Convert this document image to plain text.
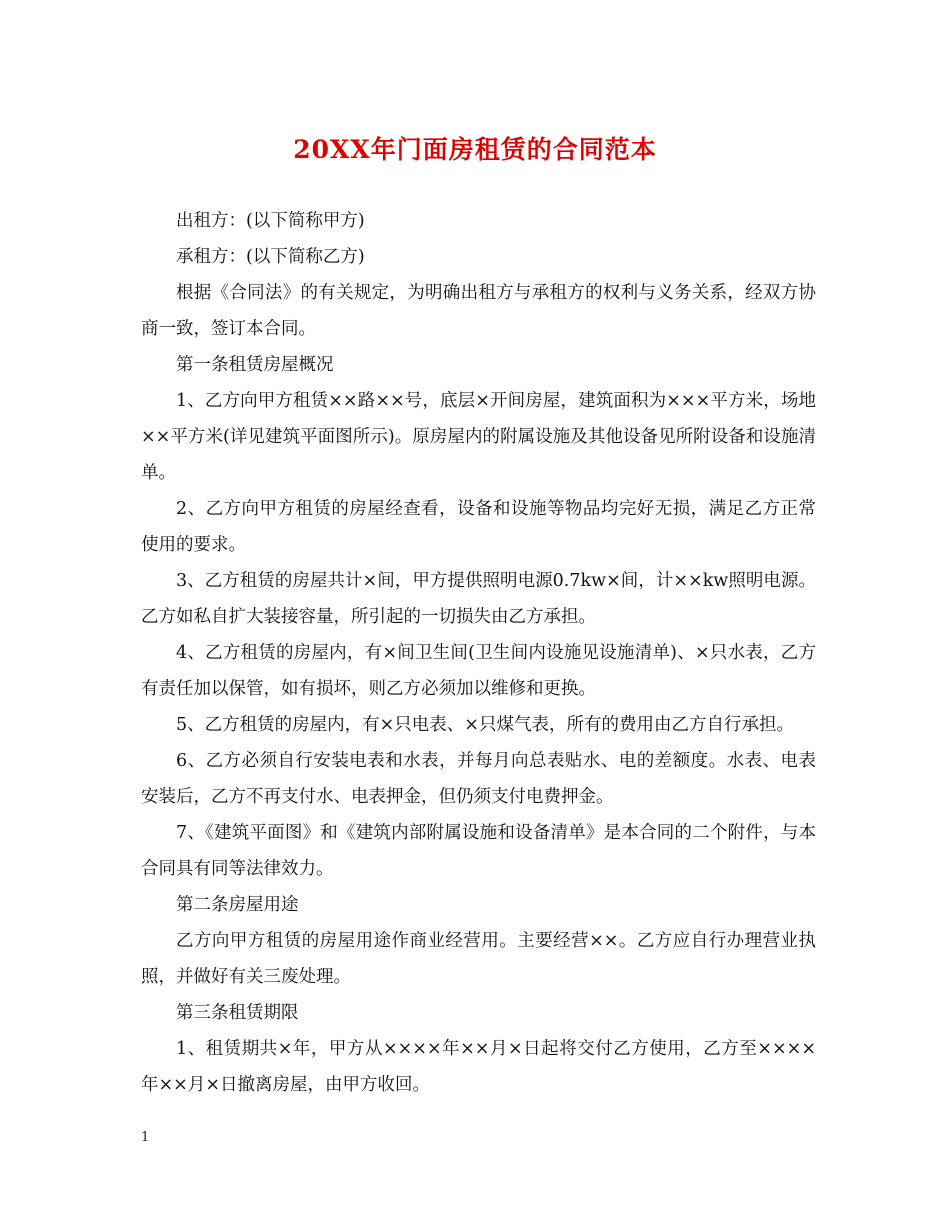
20XX年门面房租赁的合同范本

出租方：(以下简称甲方)

承租方：(以下简称乙方)

根据《合同法》的有关规定，为明确出租方与承租方的权利与义务关系，经双方协商一致，签订本合同。

第一条租赁房屋概况

1、乙方向甲方租赁××路××号，底层×开间房屋，建筑面积为×××平方米，场地××平方米(详见建筑平面图所示)。原房屋内的附属设施及其他设备见所附设备和设施清单。

2、乙方向甲方租赁的房屋经查看，设备和设施等物品均完好无损，满足乙方正常使用的要求。

3、乙方租赁的房屋共计×间，甲方提供照明电源0.7kw×间，计××kw照明电源。乙方如私自扩大装接容量，所引起的一切损失由乙方承担。

4、乙方租赁的房屋内，有×间卫生间(卫生间内设施见设施清单)、×只水表，乙方有责任加以保管，如有损坏，则乙方必须加以维修和更换。

5、乙方租赁的房屋内，有×只电表、×只煤气表，所有的费用由乙方自行承担。

6、乙方必须自行安装电表和水表，并每月向总表贴水、电的差额度。水表、电表安装后，乙方不再支付水、电表押金，但仍须支付电费押金。

7、《建筑平面图》和《建筑内部附属设施和设备清单》是本合同的二个附件，与本合同具有同等法律效力。

第二条房屋用途

乙方向甲方租赁的房屋用途作商业经营用。主要经营××。乙方应自行办理营业执照，并做好有关三废处理。

第三条租赁期限

1、租赁期共×年，甲方从××××年××月×日起将交付乙方使用，乙方至××××年××月×日撤离房屋，由甲方收回。

1
